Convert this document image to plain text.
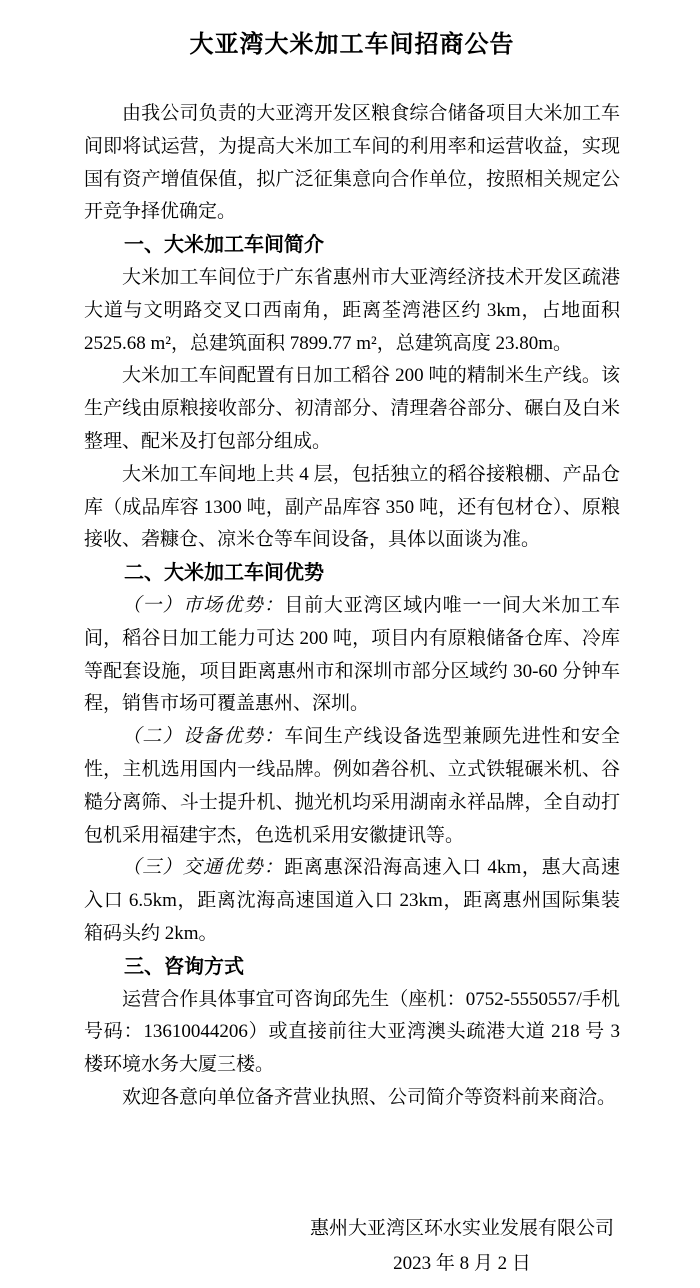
大亚湾大米加工车间招商公告

由我公司负责的大亚湾开发区粮食综合储备项目大米加工车间即将试运营，为提高大米加工车间的利用率和运营收益，实现国有资产增值保值，拟广泛征集意向合作单位，按照相关规定公开竞争择优确定。

一、大米加工车间简介

大米加工车间位于广东省惠州市大亚湾经济技术开发区疏港大道与文明路交叉口西南角，距离荃湾港区约 3km，占地面积 2525.68 m²，总建筑面积 7899.77 m²，总建筑高度 23.80m。

大米加工车间配置有日加工稻谷 200 吨的精制米生产线。该生产线由原粮接收部分、初清部分、清理砻谷部分、碾白及白米整理、配米及打包部分组成。

大米加工车间地上共 4 层，包括独立的稻谷接粮棚、产品仓库（成品库容 1300 吨，副产品库容 350 吨，还有包材仓）、原粮接收、砻糠仓、凉米仓等车间设备，具体以面谈为准。

二、大米加工车间优势

（一）市场优势：目前大亚湾区域内唯一一间大米加工车间，稻谷日加工能力可达 200 吨，项目内有原粮储备仓库、冷库等配套设施，项目距离惠州市和深圳市部分区域约 30-60 分钟车程，销售市场可覆盖惠州、深圳。

（二）设备优势：车间生产线设备选型兼顾先进性和安全性，主机选用国内一线品牌。例如砻谷机、立式铁辊碾米机、谷糙分离筛、斗士提升机、抛光机均采用湖南永祥品牌，全自动打包机采用福建宇杰，色选机采用安徽捷讯等。

（三）交通优势：距离惠深沿海高速入口 4km，惠大高速入口 6.5km，距离沈海高速国道入口 23km，距离惠州国际集装箱码头约 2km。

三、咨询方式

运营合作具体事宜可咨询邱先生（座机：0752-5550557/手机号码：13610044206）或直接前往大亚湾澳头疏港大道 218 号 3 楼环境水务大厦三楼。

欢迎各意向单位备齐营业执照、公司简介等资料前来商洽。

惠州大亚湾区环水实业发展有限公司
2023 年 8 月 2 日
